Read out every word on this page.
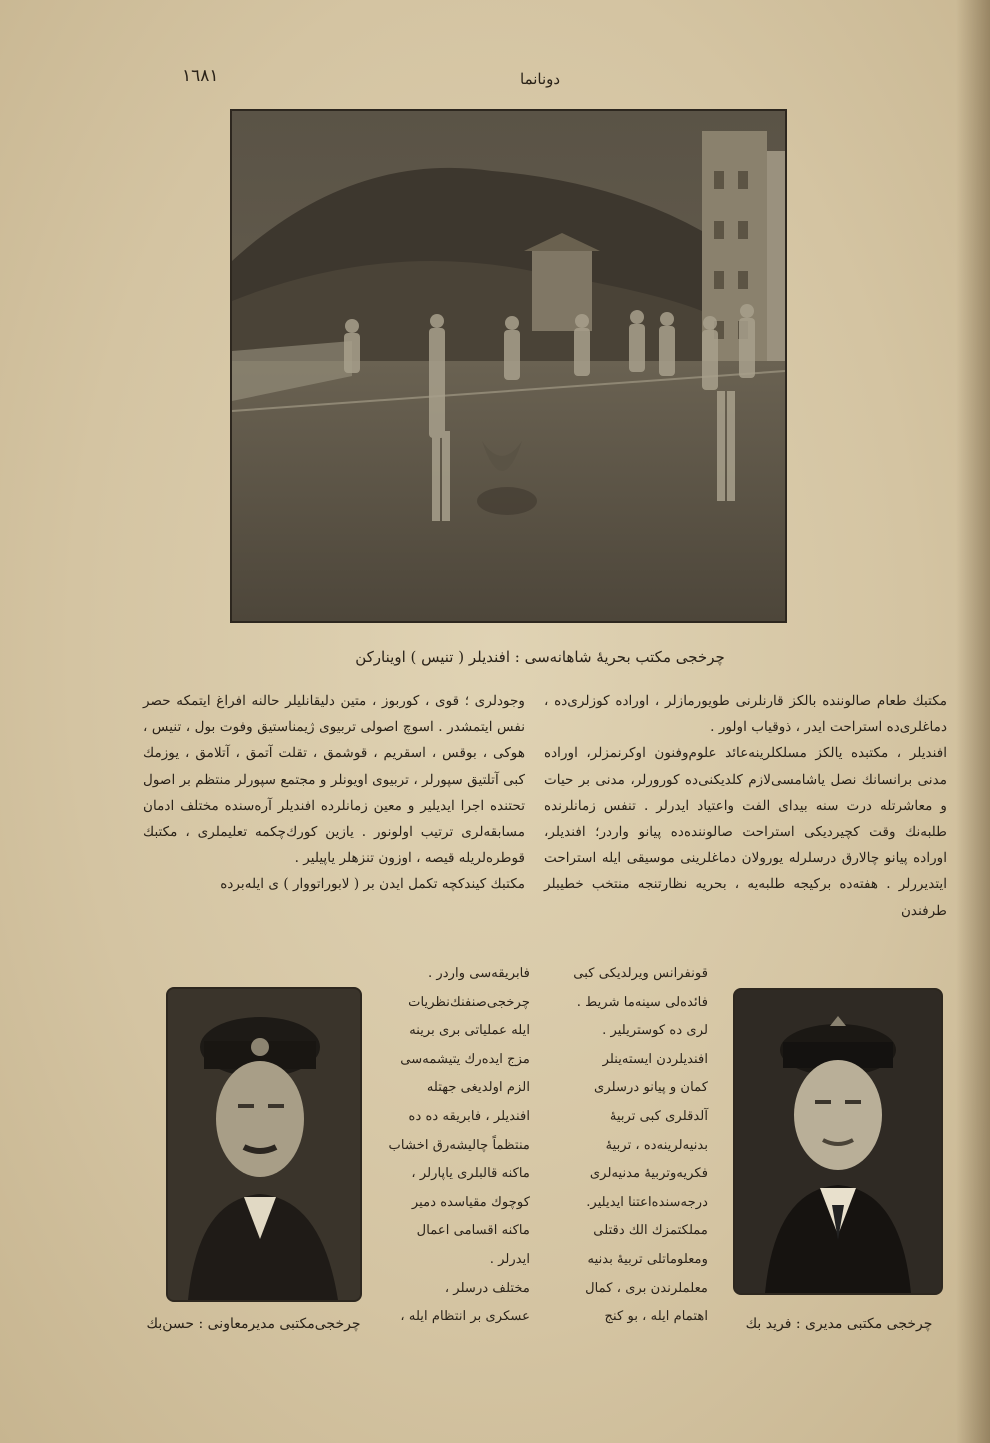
١٦٨١	دونانما
چرخجی مکتب بحریهٔ شاهانه‌سی : افندیلر ( تنیس ) اوینارکن

مکتبك طعام صالوننده بالکز قارنلرنی طویورمازلر ، اوراده کوزلری‌ده ، دماغلری‌ده استراحت ایدر ، ذوقیاب اولور .

افندیلر ، مکتبده یالکز مسلکلرینه‌عائد علوم‌وفنون اوکرنمزلر، اوراده مدنی برانسانك نصل یاشامسی‌لازم کلدیکنی‌ده کورورلر، مدنی بر حیات و معاشرتله درت سنه بیدای الفت واعتیاد ایدرلر . تنفس زمانلرنده طلبه‌نك وقت کچیردیکی استراحت صالوننده‌ده پیانو واردر؛ افندیلر، اوراده پیانو چالارق درسلرله یورولان دماغلرینی موسیقی ایله استراحت ایتدیررلر . هفته‌ده برکیجه طلبه‌یه ، بحریه نظارتنجه منتخب خطیبلر طرفندن

وجودلری ؛ قوی ، کوربوز ، متین دلیقانلیلر حالنه افراغ ایتمکه حصر نفس ایتمشدر . اسوچ اصولی تربیوی ژیمناستیق وفوت بول ، تنیس ، هوکی ، بوقس ، اسقریم ، قوشمق ، تقلت آتمق ، آتلامق ، یوزمك کبی آتلتیق سپورلر ، تربیوی اویونلر و مجتمع سپورلر منتظم بر اصول تحتنده اجرا ایدیلیر و معین زمانلرده افندیلر آره‌سنده مختلف ادمان مسابقه‌لری ترتیب اولونور . یازین کورك‌چکمه تعلیملری ، مکتبك قوطره‌لریله قیصه ، اوزون تنزهلر یاپیلیر .

مکتبك کیندکچه تکمل ایدن بر ( لابوراتووار ) ی ایله‌برده

قونفرانس ویرلدیکی کبی

فائده‌لی سینه‌ما شریط .

لری ده کوستریلیر .

افندیلردن ایسته‌ینلر

کمان و پیانو درسلری

آلدقلری کبی تربیهٔ

بدنیه‌لرینه‌ده ، تربیهٔ

فکریه‌وتربیهٔ مدنیه‌لری

درجه‌سنده‌اعتنا ایدیلیر.

مملکتمزك الك دقتلی

ومعلوماتلی تربیهٔ بدنیه

معلملرندن بری ، کمال

اهتمام ایله ، بو کنج

فابریقه‌سی واردر .

چرخجی‌صنفنك‌نظریات

ایله عملیاتی بری برینه

مزج ایده‌رك یتیشمه‌سی

الزم اولدیغی جهتله

افندیلر ، فابریقه ده ده

منتظماً چالیشه‌رق اخشاب

ماکنه قالبلری یاپارلر ،

کوچوك مقیاسده دمیر

ماکنه اقسامی اعمال

ایدرلر .

مختلف درسلر ،

عسکری بر انتظام ایله ،	چرخجی مکتبی مدیری : فرید بك
چرخجی‌مکتبی مدیرمعاونی : حسن‌بك
